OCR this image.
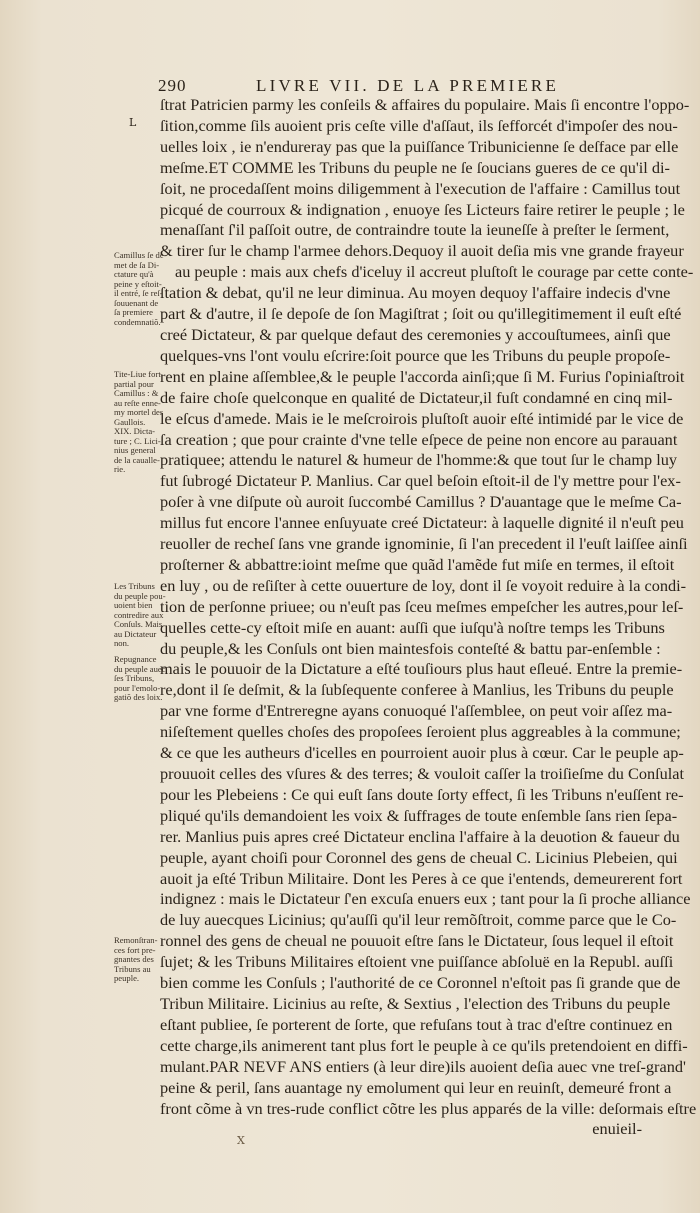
290	LIVRE VII. DE LA PREMIERE
L
ſtrat Patricien parmy les conſeils & affaires du populaire. Mais ſi encontre l'oppo-
ſition,comme ſils auoient pris ceſte ville d'aſſaut, ils ſefforcét d'impoſer des nou-
uelles loix , ie n'endureray pas que la puiſſance Tribunicienne ſe deſface par elle
meſme.ET COMME les Tribuns du peuple ne ſe ſoucians gueres de ce qu'il di-
ſoit, ne procedaſſent moins diligemment à l'execution de l'affaire : Camillus tout
picqué de courroux & indignation , enuoye ſes Licteurs faire retirer le peuple ; le
menaſſant ſ'il paſſoit outre, de contraindre toute la ieuneſſe à preſter le ſerment,
& tirer ſur le champ l'armee dehors.Dequoy il auoit deſia mis vne grande frayeur
au peuple : mais aux chefs d'iceluy il accreut pluſtoſt le courage par cette conte-
ſtation & debat, qu'il ne leur diminua. Au moyen dequoy l'affaire indecis d'vne
part & d'autre, il ſe depoſe de ſon Magiſtrat ; ſoit ou qu'illegitimement il euſt eſté
creé Dictateur, & par quelque defaut des ceremonies y accouſtumees, ainſi que
quelques-vns l'ont voulu eſcrire:ſoit pource que les Tribuns du peuple propoſe-
rent en plaine aſſemblee,& le peuple l'accorda ainſi;que ſi M. Furius ſ'opiniaſtroit
de faire choſe quelconque en qualité de Dictateur,il fuſt condamné en cinq mil-
le eſcus d'amede. Mais ie le meſcroirois pluſtoſt auoir eſté intimidé par le vice de
ſa creation ; que pour crainte d'vne telle eſpece de peine non encore au parauant
pratiquee; attendu le naturel & humeur de l'homme:& que tout ſur le champ luy
fut ſubrogé Dictateur P. Manlius. Car quel beſoin eſtoit-il de l'y mettre pour l'ex-
poſer à vne diſpute où auroit ſuccombé Camillus ? D'auantage que le meſme Ca-
millus fut encore l'annee enſuyuate creé Dictateur: à laquelle dignité il n'euſt peu
reuoller de recheſ ſans vne grande ignominie, ſi l'an precedent il l'euſt laiſſee ainſi
proſterner & abbattre:ioint meſme que quãd l'amẽde fut miſe en termes, il eſtoit
en luy , ou de reſiſter à cette ouuerture de loy, dont il ſe voyoit reduire à la condi-
tion de perſonne priuee; ou n'euſt pas ſceu meſmes empeſcher les autres,pour leſ-
quelles cette-cy eſtoit miſe en auant: auſſi que iuſqu'à noſtre temps les Tribuns
du peuple,& les Conſuls ont bien maintesfois conteſté & battu par-enſemble :
mais le pouuoir de la Dictature a eſté touſiours plus haut eſleué. Entre la premie-
re,dont il ſe deſmit, & la ſubſequente conferee à Manlius, les Tribuns du peuple
par vne forme d'Entreregne ayans conuoqué l'aſſemblee, on peut voir aſſez ma-
niſeſtement quelles choſes des propoſees ſeroient plus aggreables à la commune;
& ce que les autheurs d'icelles en pourroient auoir plus à cœur. Car le peuple ap-
prouuoit celles des vſures & des terres; & vouloit caſſer la troiſieſme du Conſulat
pour les Plebeiens : Ce qui euſt ſans doute ſorty effect, ſi les Tribuns n'euſſent re-
pliqué qu'ils demandoient les voix & ſuffrages de toute enſemble ſans rien ſepa-
rer. Manlius puis apres creé Dictateur enclina l'affaire à la deuotion & faueur du
peuple, ayant choiſi pour Coronnel des gens de cheual C. Licinius Plebeien, qui
auoit ja eſté Tribun Militaire. Dont les Peres à ce que i'entends, demeurerent fort
indignez : mais le Dictateur ſ'en excuſa enuers eux ; tant pour la ſi proche alliance
de luy auecques Licinius; qu'auſſi qu'il leur remõſtroit, comme parce que le Co-
ronnel des gens de cheual ne pouuoit eſtre ſans le Dictateur, ſous lequel il eſtoit
ſujet; & les Tribuns Militaires eſtoient vne puiſſance abſoluë en la Republ. auſſi
bien comme les Conſuls ; l'authorité de ce Coronnel n'eſtoit pas ſi grande que de
Tribun Militaire. Licinius au reſte, & Sextius , l'election des Tribuns du peuple
eſtant publiee, ſe porterent de ſorte, que refuſans tout à trac d'eſtre continuez en
cette charge,ils animerent tant plus fort le peuple à ce qu'ils pretendoient en diffi-
mulant.PAR NEVF ANS entiers (à leur dire)ils auoient deſia auec vne treſ-grand'
peine & peril, ſans auantage ny emolument qui leur en reuinſt, demeuré front a
front cõme à vn tres-rude conflict cõtre les plus apparés de la ville: deſormais eſtre
enuieil-
Camillus ſe de-
met de ſa Di-
ctature qu'à
peine y eſtoit-
il entré, ſe reſ-
ſouuenant de
ſa premiere
condemnatiõ.
Tite-Liue fort
partial pour
Camillus : &
au reſte enne-
my mortel des
Gaullois.
XIX. Dicta-
ture ; C. Lici-
nius general
de la caualle-
rie.
Les Tribuns
du peuple pou-
uoient bien
contredire aux
Conſuls. Mais
au Dictateur
non.
Repugnance
du peuple auec
ſes Tribuns,
pour l'emolo-
gatiõ des loix.
Remonſtran-
ces fort pre-
gnantes des
Tribuns au
peuple.
X
